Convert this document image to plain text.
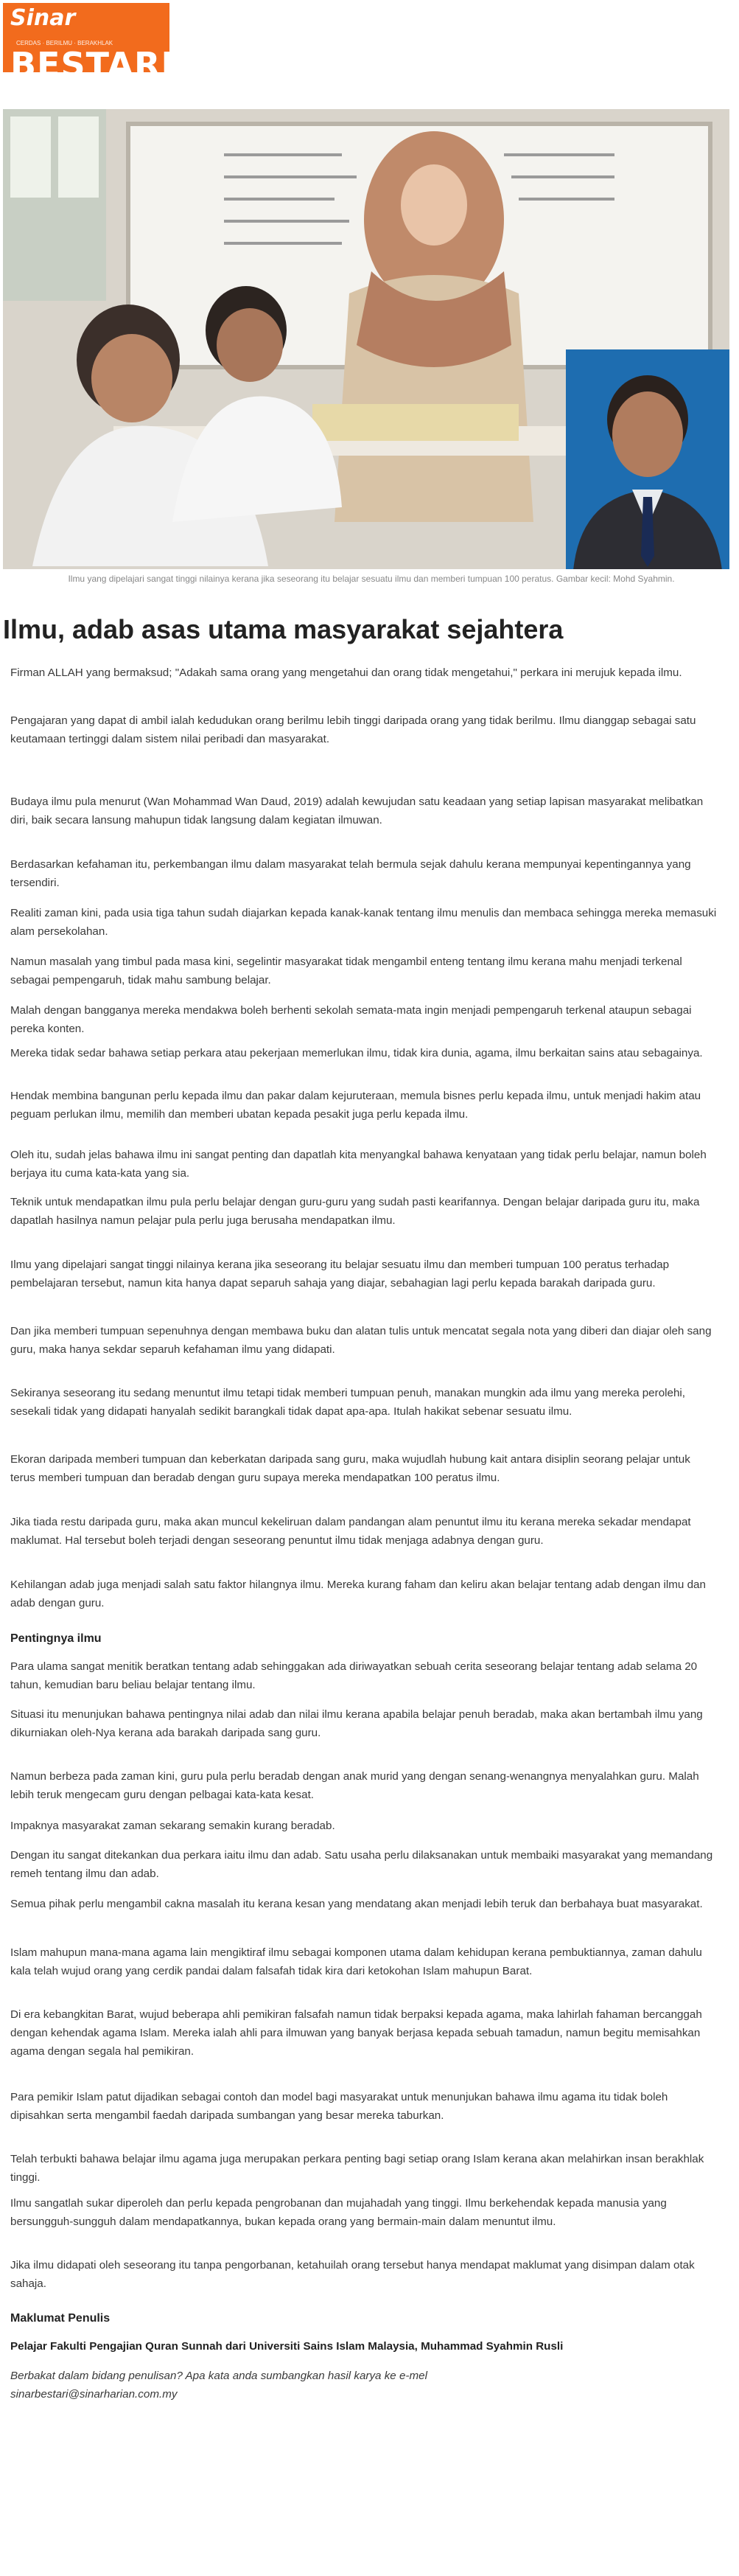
Sinar CERDAS · BERILMU · BERAKHLAK
BESTARI
Ilmu yang dipelajari sangat tinggi nilainya kerana jika seseorang itu belajar sesuatu ilmu dan memberi tumpuan 100 peratus. Gambar kecil: Mohd Syahmin.
Ilmu, adab asas utama masyarakat sejahtera

Firman ALLAH yang bermaksud; "Adakah sama orang yang mengetahui dan orang tidak mengetahui," perkara ini merujuk kepada ilmu.

Pengajaran yang dapat di ambil ialah kedudukan orang berilmu lebih tinggi daripada orang yang tidak berilmu. Ilmu dianggap sebagai satu keutamaan tertinggi dalam sistem nilai peribadi dan masyarakat.

Budaya ilmu pula menurut (Wan Mohammad Wan Daud, 2019) adalah kewujudan satu keadaan yang setiap lapisan masyarakat melibatkan diri, baik secara lansung mahupun tidak langsung dalam kegiatan ilmuwan.

Berdasarkan kefahaman itu, perkembangan ilmu dalam masyarakat telah bermula sejak dahulu kerana mempunyai kepentingannya yang tersendiri.

Realiti zaman kini, pada usia tiga tahun sudah diajarkan kepada kanak-kanak tentang ilmu menulis dan membaca sehingga mereka memasuki alam persekolahan.

Namun masalah yang timbul pada masa kini, segelintir masyarakat tidak mengambil enteng tentang ilmu kerana mahu menjadi terkenal sebagai pempengaruh, tidak mahu sambung belajar.

Malah dengan bangganya mereka mendakwa boleh berhenti sekolah semata-mata ingin menjadi pempengaruh terkenal ataupun sebagai pereka konten.

Mereka tidak sedar bahawa setiap perkara atau pekerjaan memerlukan ilmu, tidak kira dunia, agama, ilmu berkaitan sains atau sebagainya.

Hendak membina bangunan perlu kepada ilmu dan pakar dalam kejuruteraan, memula bisnes perlu kepada ilmu, untuk menjadi hakim atau peguam perlukan ilmu, memilih dan memberi ubatan kepada pesakit juga perlu kepada ilmu.

Oleh itu, sudah jelas bahawa ilmu ini sangat penting dan dapatlah kita menyangkal bahawa kenyataan yang tidak perlu belajar, namun boleh berjaya itu cuma kata-kata yang sia.

Teknik untuk mendapatkan ilmu pula perlu belajar dengan guru-guru yang sudah pasti kearifannya. Dengan belajar daripada guru itu, maka dapatlah hasilnya namun pelajar pula perlu juga berusaha mendapatkan ilmu.

Ilmu yang dipelajari sangat tinggi nilainya kerana jika seseorang itu belajar sesuatu ilmu dan memberi tumpuan 100 peratus terhadap pembelajaran tersebut, namun kita hanya dapat separuh sahaja yang diajar, sebahagian lagi perlu kepada barakah daripada guru.

Dan jika memberi tumpuan sepenuhnya dengan membawa buku dan alatan tulis untuk mencatat segala nota yang diberi dan diajar oleh sang guru, maka hanya sekdar separuh kefahaman ilmu yang didapati.

Sekiranya seseorang itu sedang menuntut ilmu tetapi tidak memberi tumpuan penuh, manakan mungkin ada ilmu yang mereka perolehi, sesekali tidak yang didapati hanyalah sedikit barangkali tidak dapat apa-apa. Itulah hakikat sebenar sesuatu ilmu.

Ekoran daripada memberi tumpuan dan keberkatan daripada sang guru, maka wujudlah hubung kait antara disiplin seorang pelajar untuk terus memberi tumpuan dan beradab dengan guru supaya mereka mendapatkan 100 peratus ilmu.

Jika tiada restu daripada guru, maka akan muncul kekeliruan dalam pandangan alam penuntut ilmu itu kerana mereka sekadar mendapat maklumat. Hal tersebut boleh terjadi dengan seseorang penuntut ilmu tidak menjaga adabnya dengan guru.

Kehilangan adab juga menjadi salah satu faktor hilangnya ilmu. Mereka kurang faham dan keliru akan belajar tentang adab dengan ilmu dan adab dengan guru.

Pentingnya ilmu

Para ulama sangat menitik beratkan tentang adab sehinggakan ada diriwayatkan sebuah cerita seseorang belajar tentang adab selama 20 tahun, kemudian baru beliau belajar tentang ilmu.

Situasi itu menunjukan bahawa pentingnya nilai adab dan nilai ilmu kerana apabila belajar penuh beradab, maka akan bertambah ilmu yang dikurniakan oleh-Nya kerana ada barakah daripada sang guru.

Namun berbeza pada zaman kini, guru pula perlu beradab dengan anak murid yang dengan senang-wenangnya menyalahkan guru. Malah lebih teruk mengecam guru dengan pelbagai kata-kata kesat.

Impaknya masyarakat zaman sekarang semakin kurang beradab.

Dengan itu sangat ditekankan dua perkara iaitu ilmu dan adab. Satu usaha perlu dilaksanakan untuk membaiki masyarakat yang memandang remeh tentang ilmu dan adab.

Semua pihak perlu mengambil cakna masalah itu kerana kesan yang mendatang akan menjadi lebih teruk dan berbahaya buat masyarakat.

Islam mahupun mana-mana agama lain mengiktiraf ilmu sebagai komponen utama dalam kehidupan kerana pembuktiannya, zaman dahulu kala telah wujud orang yang cerdik pandai dalam falsafah tidak kira dari ketokohan Islam mahupun Barat.

Di era kebangkitan Barat, wujud beberapa ahli pemikiran falsafah namun tidak berpaksi kepada agama, maka lahirlah fahaman bercanggah dengan kehendak agama Islam. Mereka ialah ahli para ilmuwan yang banyak berjasa kepada sebuah tamadun, namun begitu memisahkan agama dengan segala hal pemikiran.

Para pemikir Islam patut dijadikan sebagai contoh dan model bagi masyarakat untuk menunjukan bahawa ilmu agama itu tidak boleh dipisahkan serta mengambil faedah daripada sumbangan yang besar mereka taburkan.

Telah terbukti bahawa belajar ilmu agama juga merupakan perkara penting bagi setiap orang Islam kerana akan melahirkan insan berakhlak tinggi.

Ilmu sangatlah sukar diperoleh dan perlu kepada pengrobanan dan mujahadah yang tinggi. Ilmu berkehendak kepada manusia yang bersungguh-sungguh dalam mendapatkannya, bukan kepada orang yang bermain-main dalam menuntut ilmu.

Jika ilmu didapati oleh seseorang itu tanpa pengorbanan, ketahuilah orang tersebut hanya mendapat maklumat yang disimpan dalam otak sahaja.

Maklumat Penulis

Pelajar Fakulti Pengajian Quran Sunnah dari Universiti Sains Islam Malaysia, Muhammad Syahmin Rusli

Berbakat dalam bidang penulisan? Apa kata anda sumbangkan hasil karya ke e-mel

sinarbestari@sinarharian.com.my
